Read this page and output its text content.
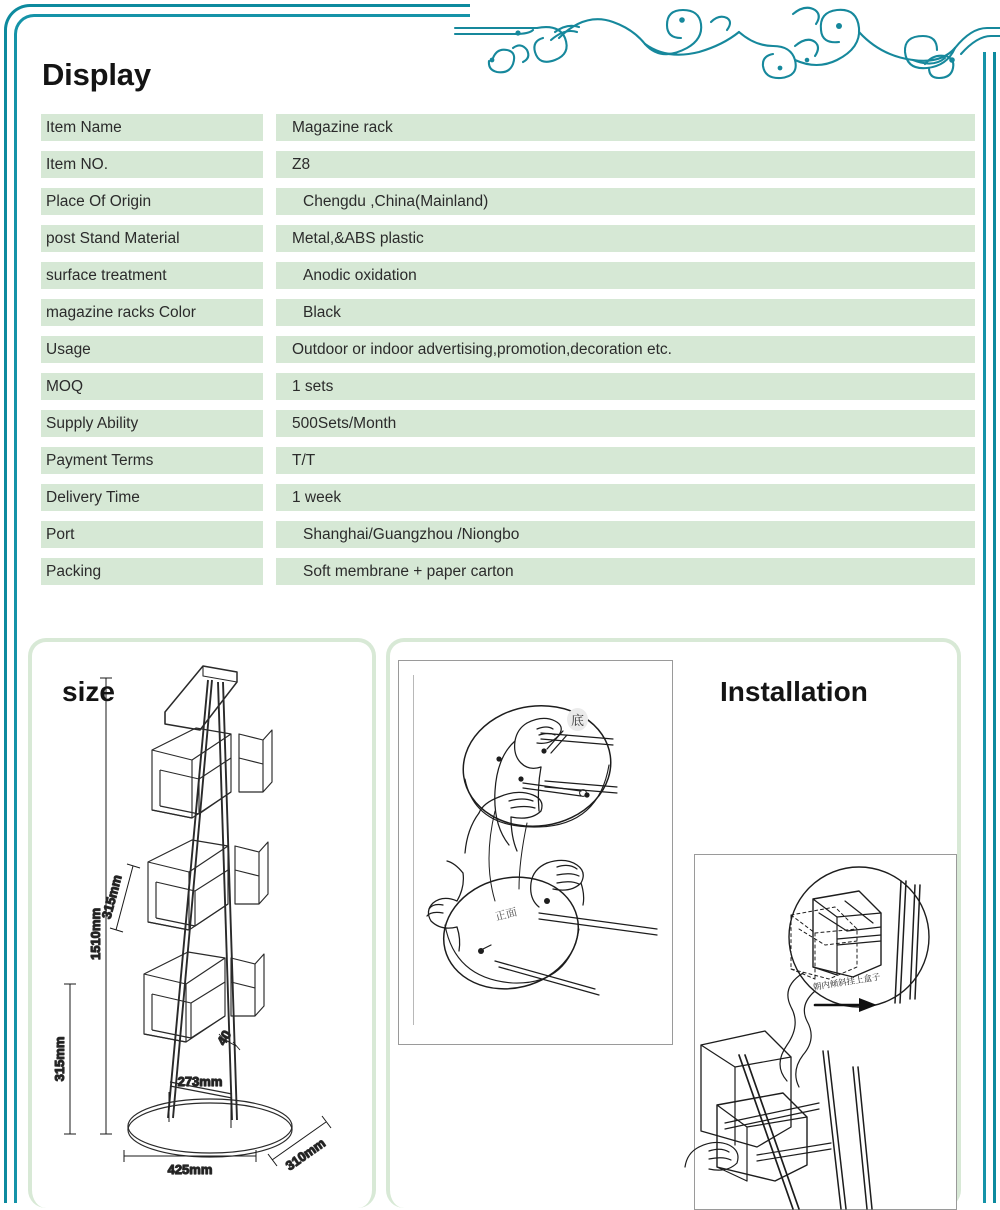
Display
Item Name	Magazine rack
Item NO.	Z8
Place Of Origin	Chengdu ,China(Mainland)
post Stand Material	Metal,&ABS plastic
surface treatment	Anodic oxidation
magazine racks Color	Black
Usage	Outdoor or indoor advertising,promotion,decoration etc.
MOQ	1 sets
Supply Ability	500Sets/Month
Payment Terms	T/T
Delivery Time	1 week
Port	Shanghai/Guangzhou /Niongbo
Packing	Soft membrane + paper carton
size
1510mm
315mm
315mm
273mm
425mm	310mm
40
Installation
底
正面
朝内倾斜挂上盒子
